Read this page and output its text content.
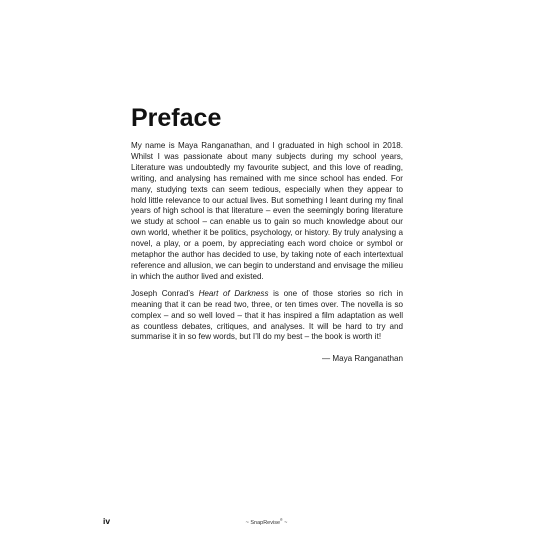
Preface

My name is Maya Ranganathan, and I graduated in high school in 2018. Whilst I was passionate about many subjects during my school years, Literature was undoubtedly my favourite subject, and this love of reading, writing, and analysing has remained with me since school has ended. For many, studying texts can seem tedious, especially when they appear to hold little relevance to our actual lives. But something I leant during my final years of high school is that literature – even the seemingly boring literature we study at school – can enable us to gain so much knowledge about our own world, whether it be politics, psychology, or history. By truly analysing a novel, a play, or a poem, by appreciating each word choice or symbol or metaphor the author has decided to use, by taking note of each intertextual reference and allusion, we can begin to understand and envisage the milieu in which the author lived and existed.

Joseph Conrad’s Heart of Darkness is one of those stories so rich in meaning that it can be read two, three, or ten times over. The novella is so complex – and so well loved – that it has inspired a film adaptation as well as countless debates, critiques, and analyses. It will be hard to try and summarise it in so few words, but I’ll do my best – the book is worth it!

— Maya Ranganathan
iv	~ SnapRevise® ~
